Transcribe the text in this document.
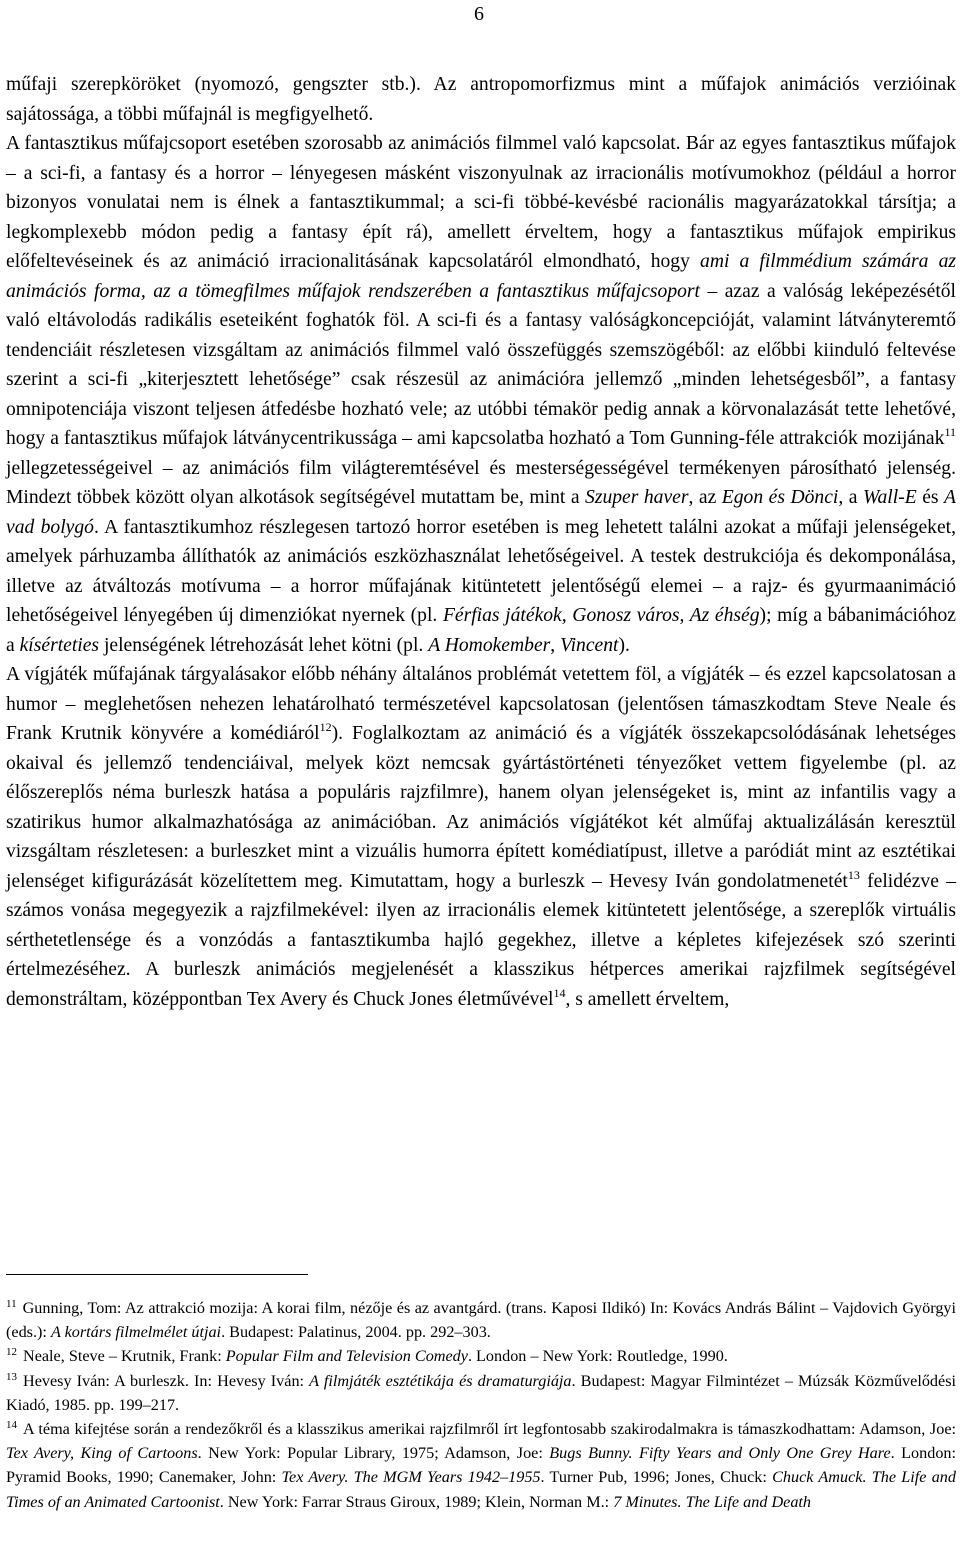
6

műfaji szerepköröket (nyomozó, gengszter stb.). Az antropomorfizmus mint a műfajok animációs verzióinak sajátossága, a többi műfajnál is megfigyelhető.

A fantasztikus műfajcsoport esetében szorosabb az animációs filmmel való kapcsolat. Bár az egyes fantasztikus műfajok – a sci-fi, a fantasy és a horror – lényegesen másként viszonyulnak az irracionális motívumokhoz (például a horror bizonyos vonulatai nem is élnek a fantasztikummal; a sci-fi többé-kevésbé racionális magyarázatokkal társítja; a legkomplexebb módon pedig a fantasy épít rá), amellett érveltem, hogy a fantasztikus műfajok empirikus előfeltevéseinek és az animáció irracionalitásának kapcsolatáról elmondható, hogy ami a filmmédium számára az animációs forma, az a tömegfilmes műfajok rendszerében a fantasztikus műfajcsoport – azaz a valóság leképezésétől való eltávolodás radikális eseteiként foghatók föl. A sci-fi és a fantasy valóságkoncepcióját, valamint látványteremtő tendenciáit részletesen vizsgáltam az animációs filmmel való összefüggés szemszögéből: az előbbi kiinduló feltevése szerint a sci-fi „kiterjesztett lehetősége” csak részesül az animációra jellemző „minden lehetségesből”, a fantasy omnipotenciája viszont teljesen átfedésbe hozható vele; az utóbbi témakör pedig annak a körvonalazását tette lehetővé, hogy a fantasztikus műfajok látványcentrikussága – ami kapcsolatba hozható a Tom Gunning-féle attrakciók mozijának$^{11}$ jellegzetességeivel – az animációs film világteremtésével és mesterségességével termékenyen párosítható jelenség. Mindezt többek között olyan alkotások segítségével mutattam be, mint a Szuper haver, az Egon és Dönci, a Wall-E és A vad bolygó. A fantasztikumhoz részlegesen tartozó horror esetében is meg lehetett találni azokat a műfaji jelenségeket, amelyek párhuzamba állíthatók az animációs eszközhasználat lehetőségeivel. A testek destrukciója és dekomponálása, illetve az átváltozás motívuma – a horror műfajának kitüntetett jelentőségű elemei – a rajz- és gyurmaanimáció lehetőségeivel lényegében új dimenziókat nyernek (pl. Férfias játékok, Gonosz város, Az éhség); míg a bábanimációhoz a kísérteties jelenségének létrehozását lehet kötni (pl. A Homokember, Vincent).

A vígjáték műfajának tárgyalásakor előbb néhány általános problémát vetettem föl, a vígjáték – és ezzel kapcsolatosan a humor – meglehetősen nehezen lehatárolható természetével kapcsolatosan (jelentősen támaszkodtam Steve Neale és Frank Krutnik könyvére a komédiáról$^{12}$). Foglalkoztam az animáció és a vígjáték összekapcsolódásának lehetséges okaival és jellemző tendenciáival, melyek közt nemcsak gyártástörténeti tényezőket vettem figyelembe (pl. az élőszereplős néma burleszk hatása a populáris rajzfilmre), hanem olyan jelenségeket is, mint az infantilis vagy a szatirikus humor alkalmazhatósága az animációban. Az animációs vígjátékot két alműfaj aktualizálásán keresztül vizsgáltam részletesen: a burleszket mint a vizuális humorra épített komédiatípust, illetve a paródiát mint az esztétikai jelenséget kifigurázását közelítettem meg. Kimutattam, hogy a burleszk – Hevesy Iván gondolatmenetét$^{13}$ felidézve – számos vonása megegyezik a rajzfilmekével: ilyen az irracionális elemek kitüntetett jelentősége, a szereplők virtuális sérthetetlensége és a vonzódás a fantasztikumba hajló gegekhez, illetve a képletes kifejezések szó szerinti értelmezéséhez. A burleszk animációs megjelenését a klasszikus hétperces amerikai rajzfilmek segítségével demonstráltam, középpontban Tex Avery és Chuck Jones életművével$^{14}$, s amellett érveltem,

$^{11}$ Gunning, Tom: Az attrakció mozija: A korai film, nézője és az avantgárd. (trans. Kaposi Ildikó) In: Kovács András Bálint – Vajdovich Györgyi (eds.): A kortárs filmelmélet útjai. Budapest: Palatinus, 2004. pp. 292–303.

$^{12}$ Neale, Steve – Krutnik, Frank: Popular Film and Television Comedy. London – New York: Routledge, 1990.

$^{13}$ Hevesy Iván: A burleszk. In: Hevesy Iván: A filmjáték esztétikája és dramaturgiája. Budapest: Magyar Filmintézet – Múzsák Közművelődési Kiadó, 1985. pp. 199–217.

$^{14}$ A téma kifejtése során a rendezőkről és a klasszikus amerikai rajzfilmről írt legfontosabb szakirodalmakra is támaszkodhattam: Adamson, Joe: Tex Avery, King of Cartoons. New York: Popular Library, 1975; Adamson, Joe: Bugs Bunny. Fifty Years and Only One Grey Hare. London: Pyramid Books, 1990; Canemaker, John: Tex Avery. The MGM Years 1942–1955. Turner Pub, 1996; Jones, Chuck: Chuck Amuck. The Life and Times of an Animated Cartoonist. New York: Farrar Straus Giroux, 1989; Klein, Norman M.: 7 Minutes. The Life and Death
